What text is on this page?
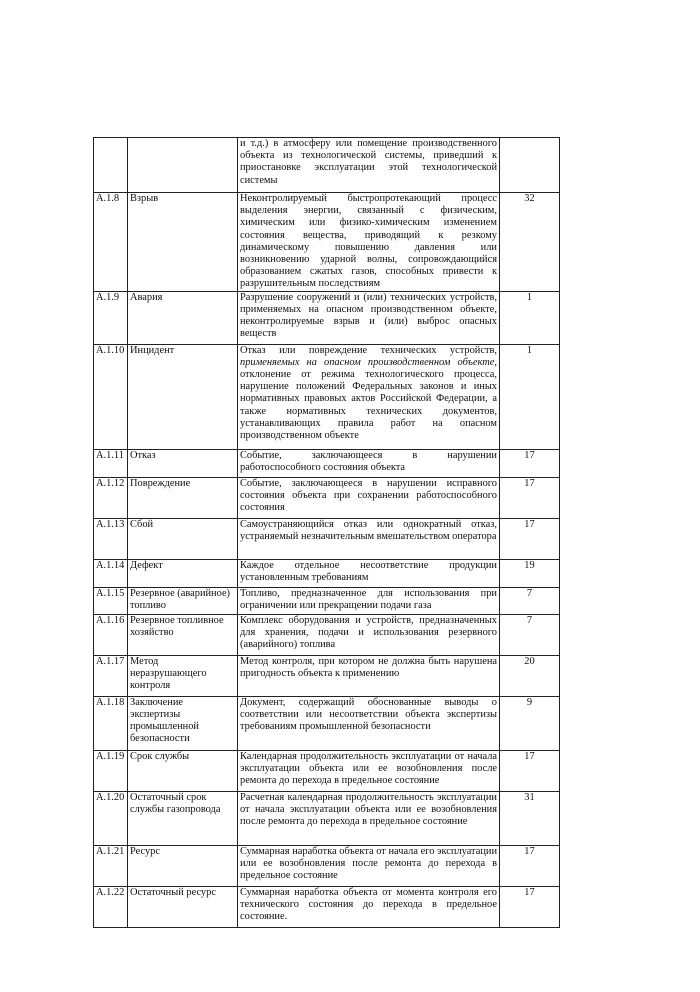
		и т.д.) в атмосферу или помещение производственного объекта из технологической системы, приведший к приостановке эксплуатации этой технологической системы	
А.1.8	Взрыв	Неконтролируемый быстропротекающий процесс выделения энергии, связанный с физическим, химическим или физико-химическим изменением состояния вещества, приводящий к резкому динамическому повышению давления или возникновению ударной волны, сопровождающийся образованием сжатых газов, способных привести к разрушительным последствиям	32
А.1.9	Авария	Разрушение сооружений и (или) технических устройств, применяемых на опасном производственном объекте, неконтролируемые взрыв и (или) выброс опасных веществ	1
А.1.10	Инцидент	Отказ или повреждение технических устройств, применяемых на опасном производственном объекте, отклонение от режима технологического процесса, нарушение положений Федеральных законов и иных нормативных правовых актов Российской Федерации, а также нормативных технических документов, устанавливающих правила работ на опасном производственном объекте	1
А.1.11	Отказ	Событие, заключающееся в нарушении работоспособного состояния объекта	17
А.1.12	Повреждение	Событие, заключающееся в нарушении исправного состояния объекта при сохранении работоспособного состояния	17
А.1.13	Сбой	Самоустраняющийся отказ или однократный отказ, устраняемый незначительным вмешательством оператора	17
А.1.14	Дефект	Каждое отдельное несоответствие продукции установленным требованиям	19
А.1.15	Резервное (аварийное) топливо	Топливо, предназначенное для использования при ограничении или прекращении подачи газа	7
А.1.16	Резервное топливное хозяйство	Комплекс оборудования и устройств, предназначенных для хранения, подачи и использования резервного (аварийного) топлива	7
А.1.17	Метод неразрушающего контроля	Метод контроля, при котором не должна быть нарушена пригодность объекта к применению	20
А.1.18	Заключение экспертизы промышленной безопасности	Документ, содержащий обоснованные выводы о соответствии или несоответствии объекта экспертизы требованиям промышленной безопасности	9
А.1.19	Срок службы	Календарная продолжительность эксплуатации от начала эксплуатации объекта или ее возобновления после ремонта до перехода в предельное состояние	17
А.1.20	Остаточный срок службы газопровода	Расчетная календарная продолжительность эксплуатации от начала эксплуатации объекта или ее возобновления после ремонта до перехода в предельное состояние	31
А.1.21	Ресурс	Суммарная наработка объекта от начала его эксплуатации или ее возобновления после ремонта до перехода в предельное состояние	17
А.1.22	Остаточный ресурс	Суммарная наработка объекта от момента контроля его технического состояния до перехода в предельное состояние.	17
